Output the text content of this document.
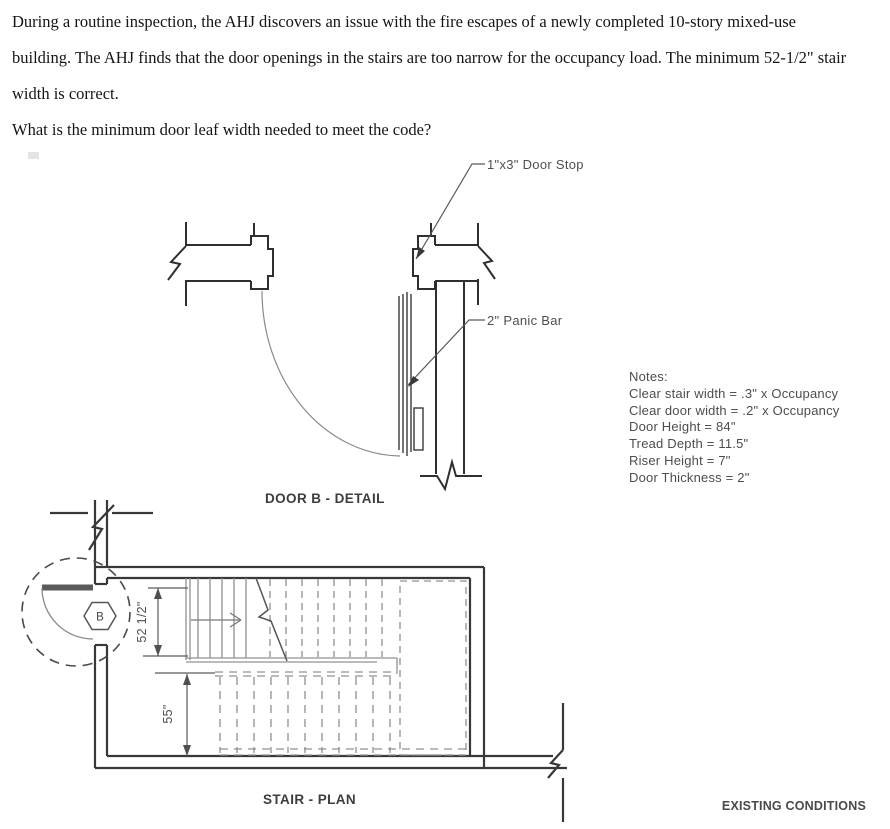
During a routine inspection, the AHJ discovers an issue with the fire escapes of a newly completed 10-story mixed-use
building. The AHJ finds that the door openings in the stairs are too narrow for the occupancy load. The minimum 52-1/2" stair
width is correct.
What is the minimum door leaf width needed to meet the code?
1"x3" Door Stop
2" Panic Bar
DOOR B - DETAIL
B 52 1/2"
55"
STAIR - PLAN
Notes:
Clear stair width = .3" x Occupancy
Clear door width = .2" x Occupancy
Door Height = 84"
Tread Depth = 11.5"
Riser Height = 7"
Door Thickness = 2"
EXISTING CONDITIONS
